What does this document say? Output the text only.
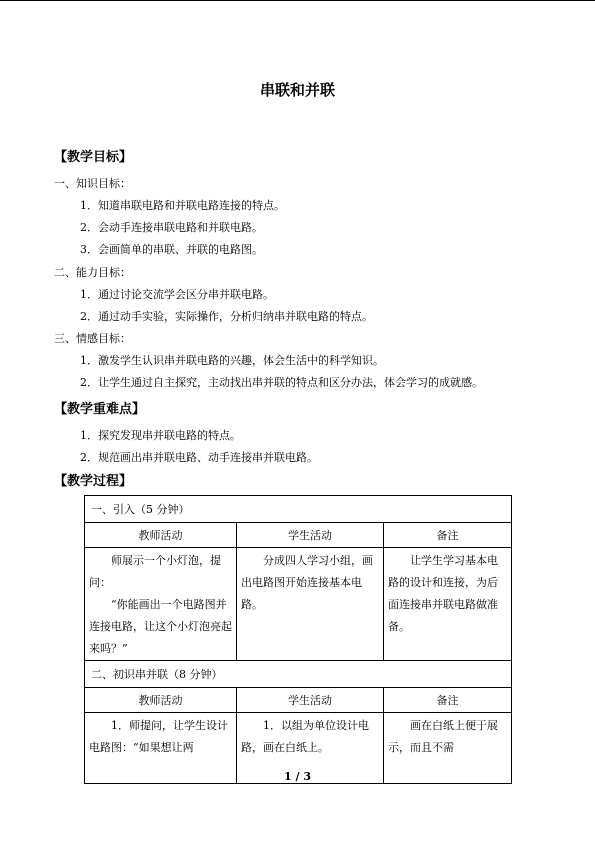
串联和并联
【教学目标】
一、知识目标：
1．知道串联电路和并联电路连接的特点。
2．会动手连接串联电路和并联电路。
3．会画简单的串联、并联的电路图。
二、能力目标：
1．通过讨论交流学会区分串并联电路。
2．通过动手实验，实际操作，分析归纳串并联电路的特点。
三、情感目标：
1．激发学生认识串并联电路的兴趣，体会生活中的科学知识。
2．让学生通过自主探究，主动找出串并联的特点和区分办法，体会学习的成就感。
【教学重难点】
1．探究发现串并联电路的特点。
2．规范画出串并联电路、动手连接串并联电路。
【教学过程】
一、引入（5 分钟）		
教师活动	学生活动	备注

师展示一个小灯泡，提问：
“你能画出一个电路图并连接电路，让这个小灯泡亮起来吗？”	分成四人学习小组，画出电路图开始连接基本电路。	让学生学习基本电路的设计和连接，为后面连接串并联电路做准备。
二、初识串并联（8 分钟）		
教师活动	学生活动	备注
1．师提问，让学生设计电路图：“如果想让两	1．以组为单位设计电路，画在白纸上。	画在白纸上便于展示，而且不需
1 / 3
